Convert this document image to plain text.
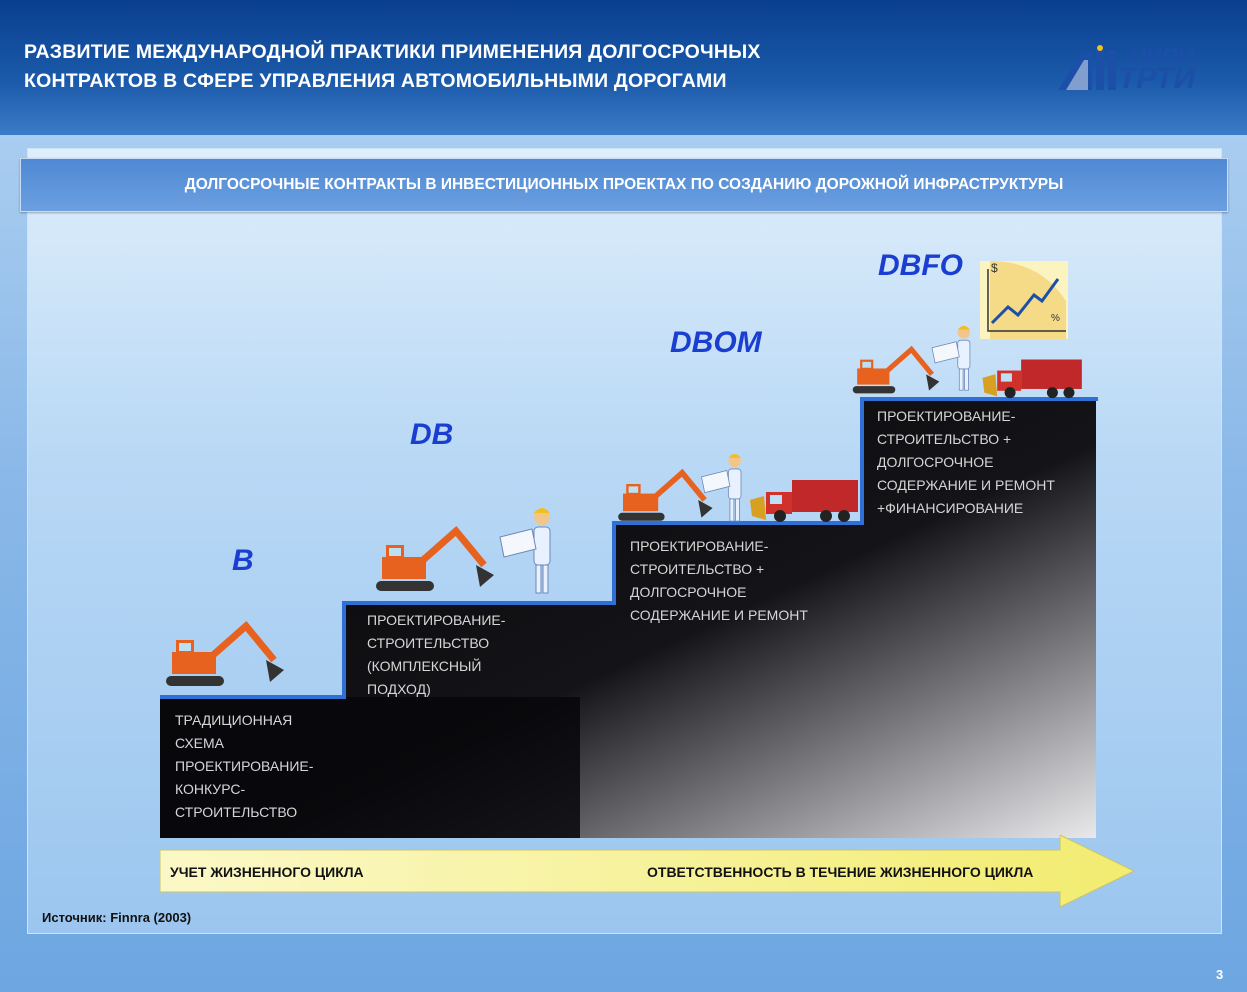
РАЗВИТИЕ МЕЖДУНАРОДНОЙ ПРАКТИКИ ПРИМЕНЕНИЯ ДОЛГОСРОЧНЫХ
КОНТРАКТОВ В СФЕРЕ УПРАВЛЕНИЯ АВТОМОБИЛЬНЫМИ ДОРОГАМИ
НИПИ
ТРТИ
ДОЛГОСРОЧНЫЕ КОНТРАКТЫ В ИНВЕСТИЦИОННЫХ ПРОЕКТАХ ПО СОЗДАНИЮ ДОРОЖНОЙ ИНФРАСТРУКТУРЫ
B
DB
DBOM
DBFO
ТРАДИЦИОННАЯ
СХЕМА
ПРОЕКТИРОВАНИЕ-
КОНКУРС-
СТРОИТЕЛЬСТВО
ПРОЕКТИРОВАНИЕ-
СТРОИТЕЛЬСТВО
(КОМПЛЕКСНЫЙ
ПОДХОД)
ПРОЕКТИРОВАНИЕ-
СТРОИТЕЛЬСТВО +
ДОЛГОСРОЧНОЕ
СОДЕРЖАНИЕ И РЕМОНТ
ПРОЕКТИРОВАНИЕ-
СТРОИТЕЛЬСТВО +
ДОЛГОСРОЧНОЕ
СОДЕРЖАНИЕ И РЕМОНТ
+ФИНАНСИРОВАНИЕ
$
%
УЧЕТ ЖИЗНЕННОГО ЦИКЛА	ОТВЕТСТВЕННОСТЬ В ТЕЧЕНИЕ ЖИЗНЕННОГО ЦИКЛА
Источник: Finnra (2003)
3
